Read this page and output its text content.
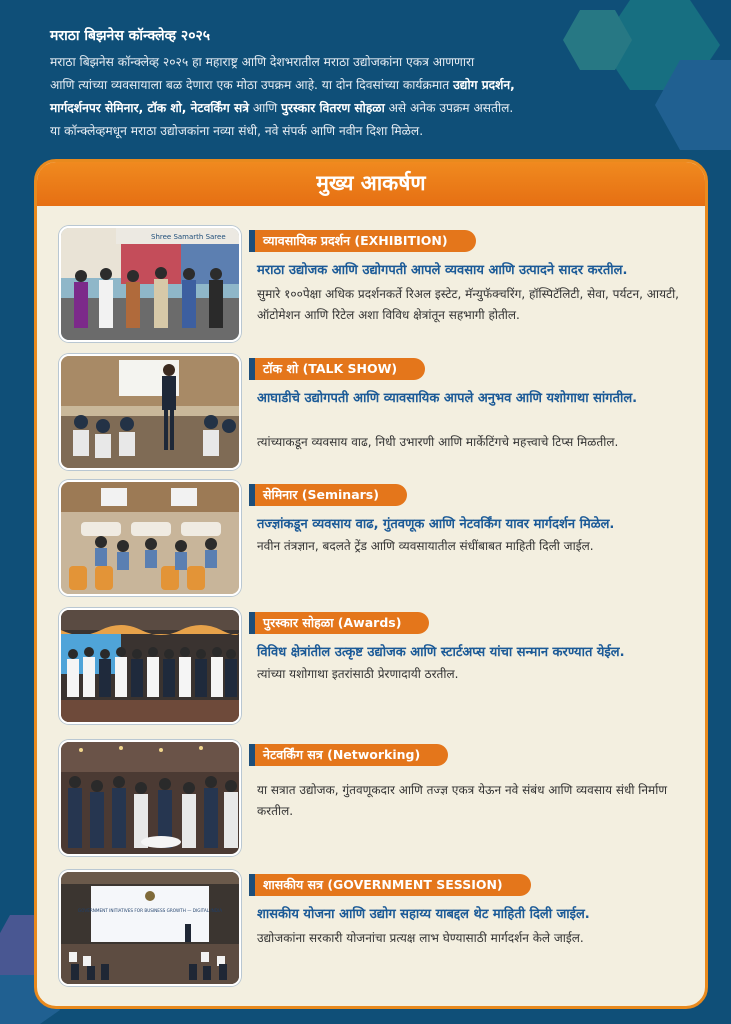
मराठा बिझनेस कॉन्क्लेव्ह २०२५

मराठा बिझनेस कॉन्क्लेव्ह २०२५ हा महाराष्ट्र आणि देशभरातील मराठा उद्योजकांना एकत्र आणणारा
आणि त्यांच्या व्यवसायाला बळ देणारा एक मोठा उपक्रम आहे. या दोन दिवसांच्या कार्यक्रमात उद्योग प्रदर्शन,
मार्गदर्शनपर सेमिनार, टॉक शो, नेटवर्किंग सत्रे आणि पुरस्कार वितरण सोहळा असे अनेक उपक्रम असतील.
या कॉन्क्लेव्हमधून मराठा उद्योजकांना नव्या संधी, नवे संपर्क आणि नवीन दिशा मिळेल.

मुख्य आकर्षण
Shree Samarth Saree	व्यावसायिक प्रदर्शन (EXHIBITION)
मराठा उद्योजक आणि उद्योगपती आपले व्यवसाय आणि उत्पादने सादर करतील.
सुमारे १००पेक्षा अधिक प्रदर्शनकर्ते रिअल इस्टेट, मॅन्युफॅक्चरिंग, हॉस्पिटॅलिटी, सेवा, पर्यटन, आयटी, ऑटोमेशन आणि रिटेल अशा विविध क्षेत्रांतून सहभागी होतील.
टॉक शो (TALK SHOW)
आघाडीचे उद्योगपती आणि व्यावसायिक आपले अनुभव आणि यशोगाथा सांगतील.
त्यांच्याकडून व्यवसाय वाढ, निधी उभारणी आणि मार्केटिंगचे महत्त्वाचे टिप्स मिळतील.
सेमिनार (Seminars)
तज्ज्ञांकडून व्यवसाय वाढ, गुंतवणूक आणि नेटवर्किंग यावर मार्गदर्शन मिळेल.
नवीन तंत्रज्ञान, बदलते ट्रेंड आणि व्यवसायातील संधींबाबत माहिती दिली जाईल.
पुरस्कार सोहळा (Awards)
विविध क्षेत्रांतील उत्कृष्ट उद्योजक आणि स्टार्टअप्स यांचा सन्मान करण्यात येईल.
त्यांच्या यशोगाथा इतरांसाठी प्रेरणादायी ठरतील.
नेटवर्किंग सत्र (Networking)
या सत्रात उद्योजक, गुंतवणूकदार आणि तज्ज्ञ एकत्र येऊन नवे संबंध आणि व्यवसाय संधी निर्माण करतील.
GOVERNMENT INITIATIVES FOR BUSINESS GROWTH — DIGITAL INDIA
शासकीय सत्र (GOVERNMENT SESSION)
शासकीय योजना आणि उद्योग सहाय्य याबद्दल थेट माहिती दिली जाईल.
उद्योजकांना सरकारी योजनांचा प्रत्यक्ष लाभ घेण्यासाठी मार्गदर्शन केले जाईल.
